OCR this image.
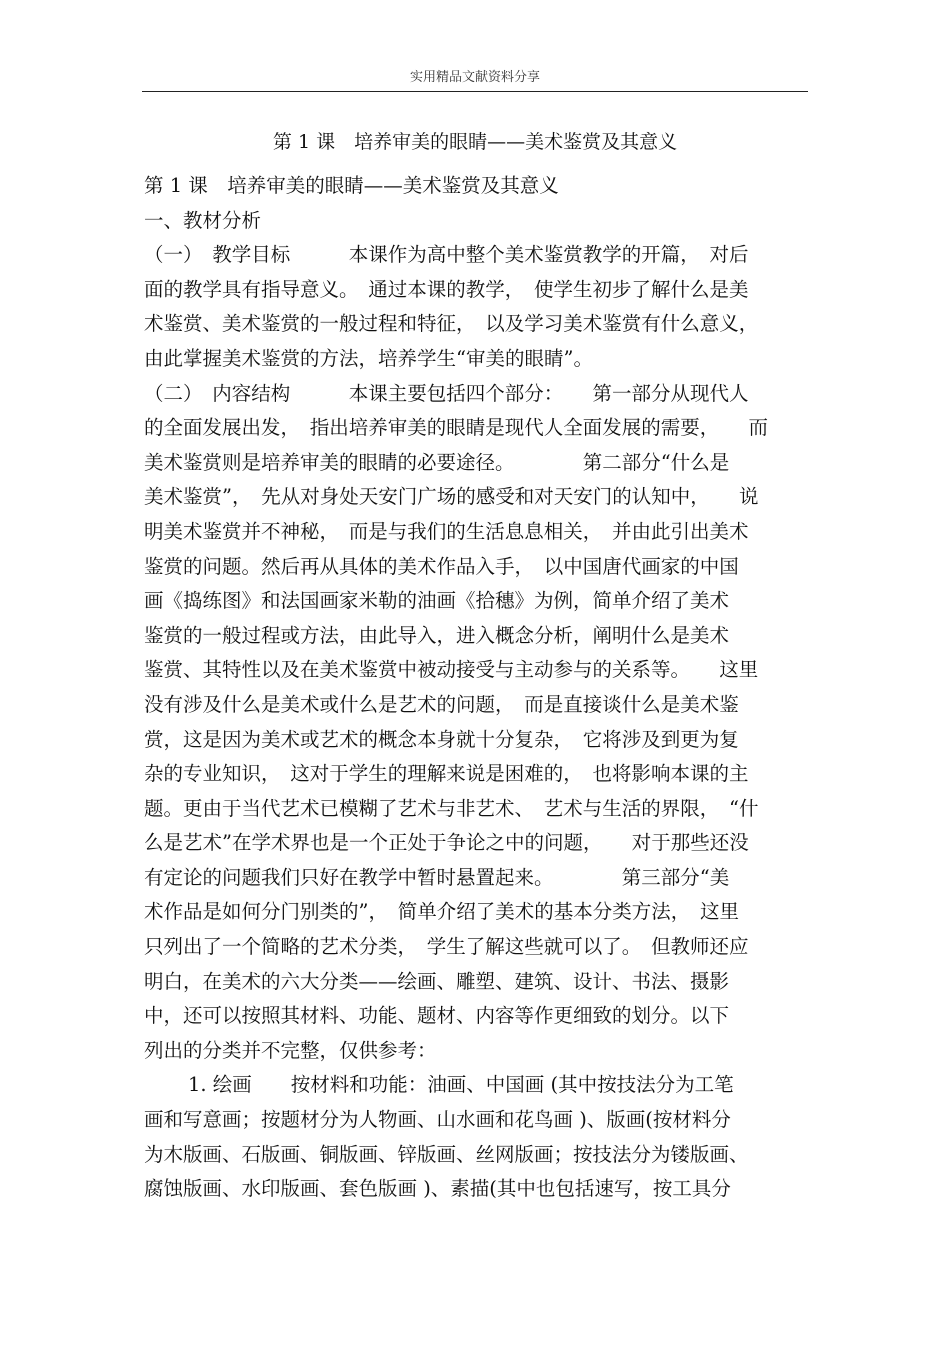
实用精品文献资料分享
第 1 课　培养审美的眼睛——美术鉴赏及其意义
第 1 课　培养审美的眼睛——美术鉴赏及其意义
一、教材分析
（一）　教学目标　　　本课作为高中整个美术鉴赏教学的开篇，　对后
面的教学具有指导意义。　通过本课的教学，　使学生初步了解什么是美
术鉴赏、美术鉴赏的一般过程和特征，　以及学习美术鉴赏有什么意义，
由此掌握美术鉴赏的方法，培养学生“审美的眼睛”。
（二）　内容结构　　　本课主要包括四个部分：　　第一部分从现代人
的全面发展出发，　指出培养审美的眼睛是现代人全面发展的需要，　　而
美术鉴赏则是培养审美的眼睛的必要途径。　　　　第二部分“什么是
美术鉴赏”，　先从对身处天安门广场的感受和对天安门的认知中，　　说
明美术鉴赏并不神秘，　而是与我们的生活息息相关，　并由此引出美术
鉴赏的问题。然后再从具体的美术作品入手，　以中国唐代画家的中国
画《捣练图》和法国画家米勒的油画《拾穗》为例，简单介绍了美术
鉴赏的一般过程或方法，由此导入，进入概念分析，阐明什么是美术
鉴赏、其特性以及在美术鉴赏中被动接受与主动参与的关系等。　　这里
没有涉及什么是美术或什么是艺术的问题，　而是直接谈什么是美术鉴
赏，这是因为美术或艺术的概念本身就十分复杂，　它将涉及到更为复
杂的专业知识，　这对于学生的理解来说是困难的，　也将影响本课的主
题。更由于当代艺术已模糊了艺术与非艺术、　艺术与生活的界限，　“什
么是艺术”在学术界也是一个正处于争论之中的问题，　　对于那些还没
有定论的问题我们只好在教学中暂时悬置起来。　　　　第三部分“美
术作品是如何分门别类的”，　简单介绍了美术的基本分类方法，　这里
只列出了一个简略的艺术分类，　学生了解这些就可以了。　但教师还应
明白，在美术的六大分类——绘画、雕塑、建筑、设计、书法、摄影
中，还可以按照其材料、功能、题材、内容等作更细致的划分。以下
列出的分类并不完整，仅供参考：
1. 绘画　　按材料和功能：油画、中国画 (其中按技法分为工笔
画和写意画；按题材分为人物画、山水画和花鸟画 )、版画(按材料分
为木版画、石版画、铜版画、锌版画、丝网版画；按技法分为镂版画、
腐蚀版画、水印版画、套色版画 )、素描(其中也包括速写，按工具分
